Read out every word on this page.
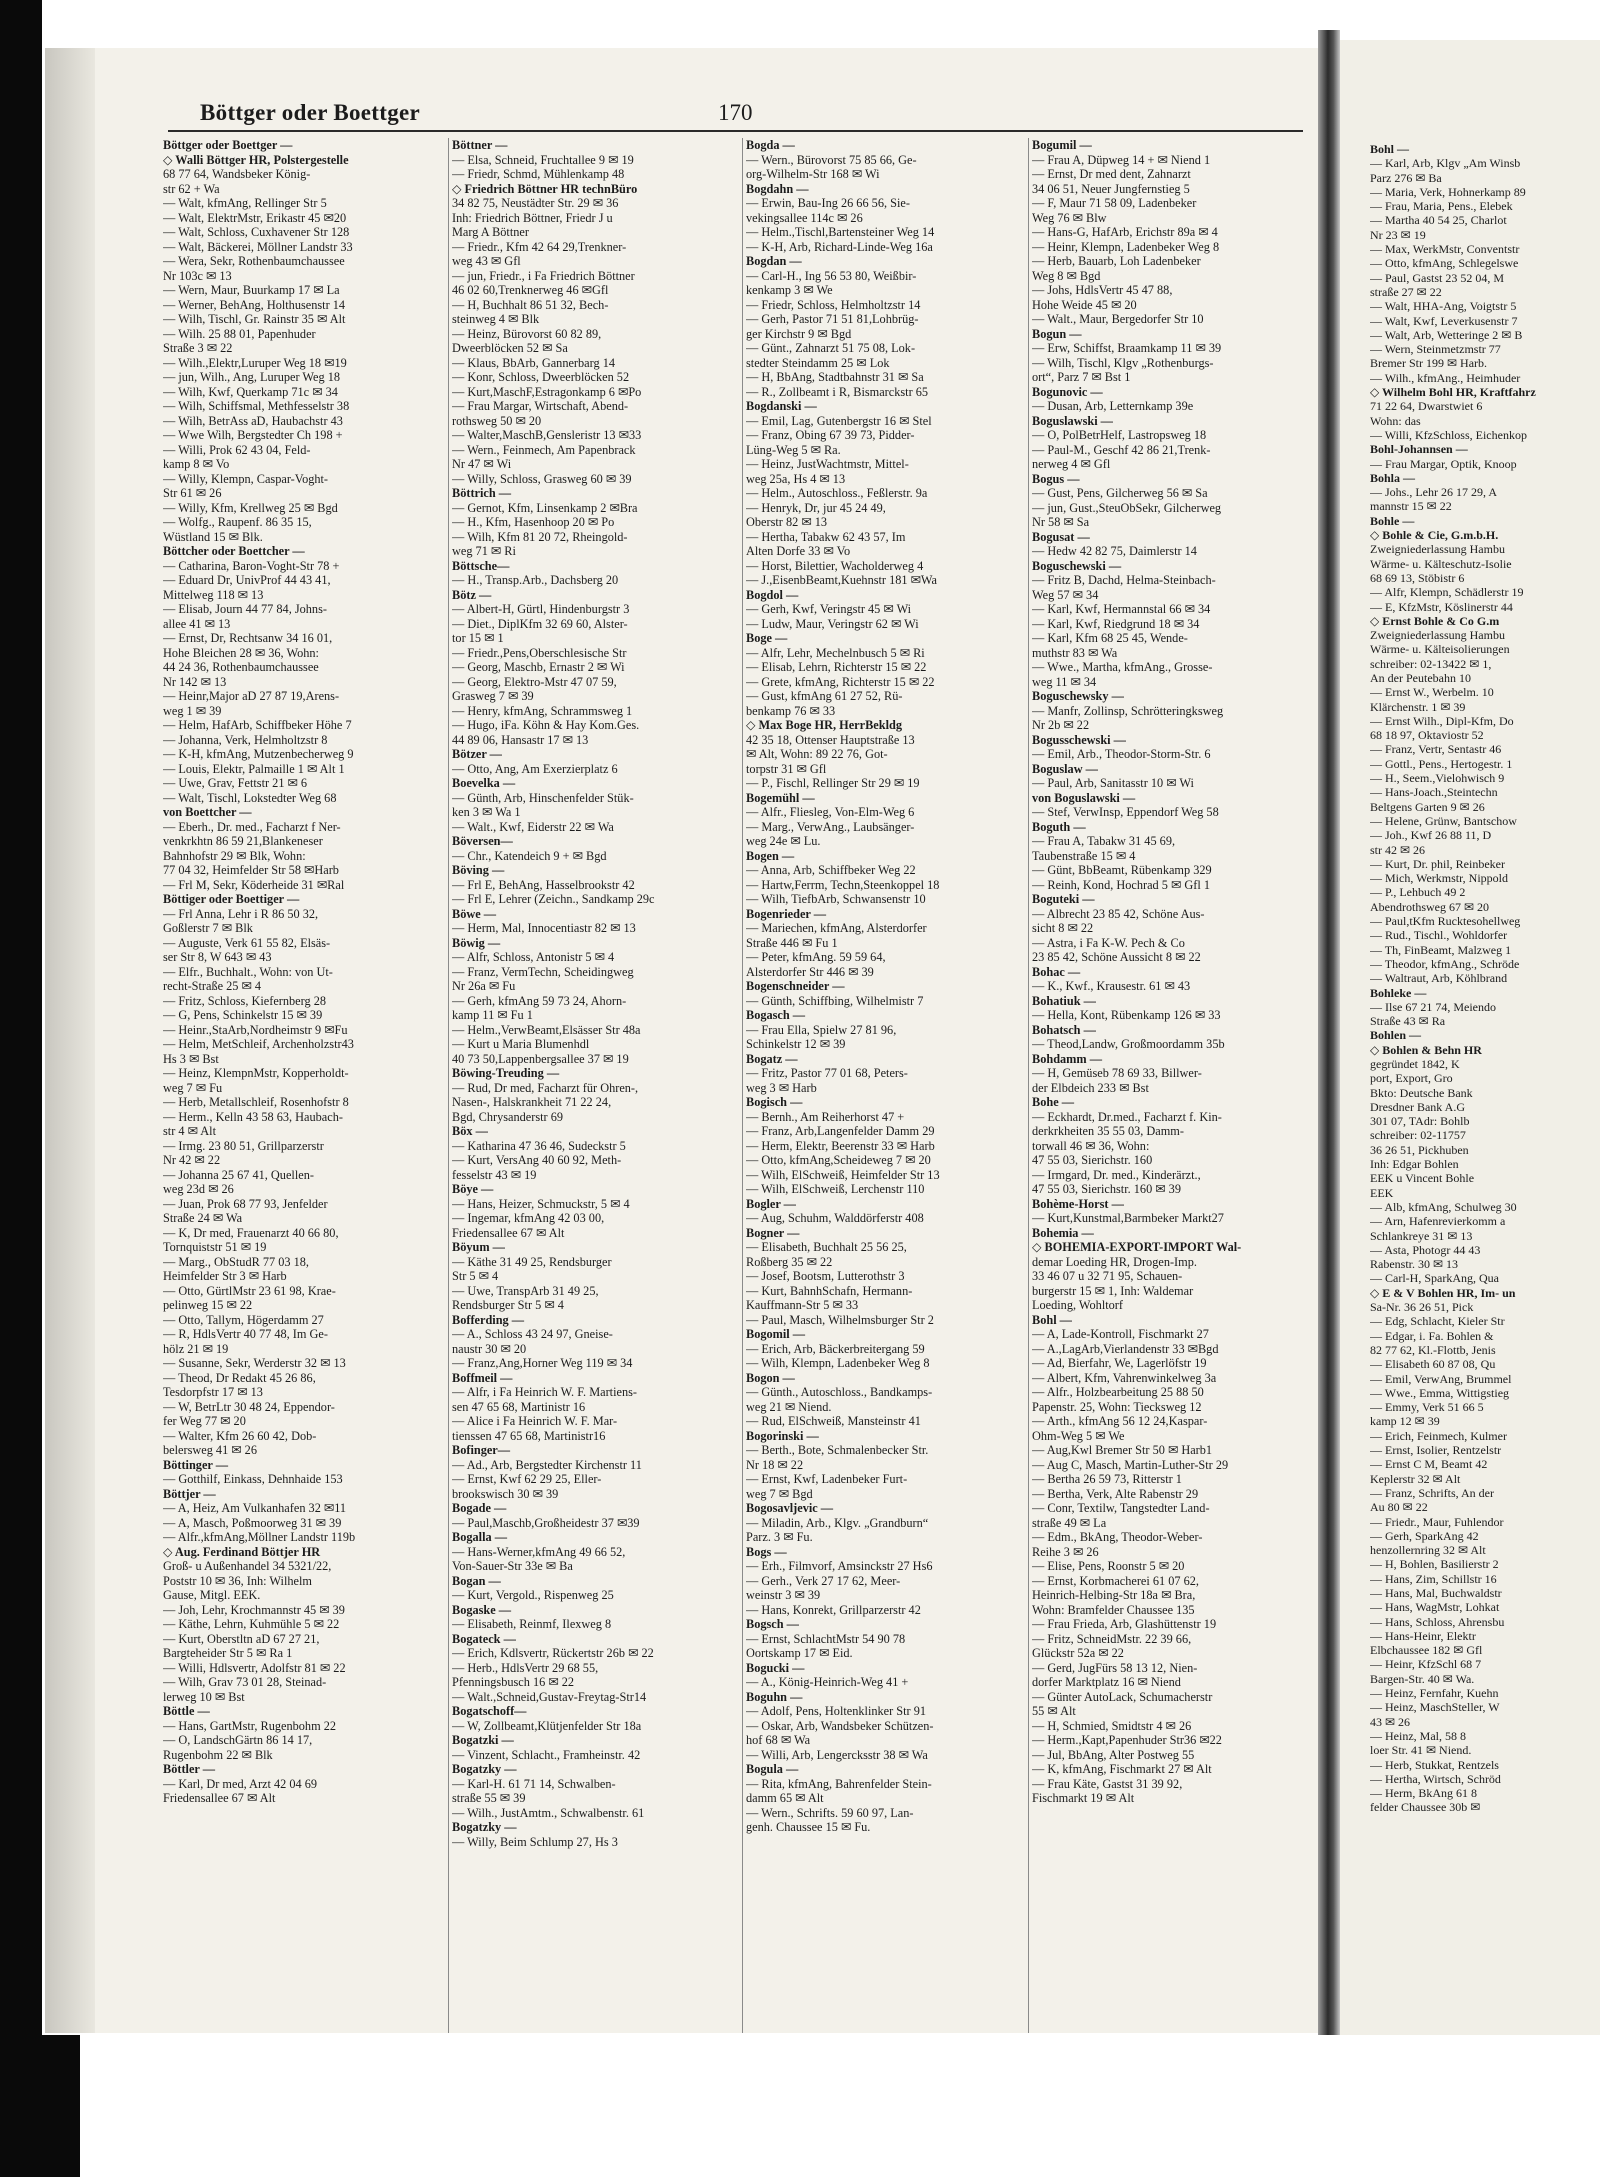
Böttger oder Boettger	170
Böttger oder Boettger —
◇ Walli Böttger HR, Polstergestelle
68 77 64, Wandsbeker König-
str 62 + Wa
— Walt, kfmAng, Rellinger Str 5
— Walt, ElektrMstr, Erikastr 45 ✉20
— Walt, Schloss, Cuxhavener Str 128
— Walt, Bäckerei, Möllner Landstr 33
— Wera, Sekr, Rothenbaumchaussee
Nr 103c ✉ 13
— Wern, Maur, Buurkamp 17 ✉ La
— Werner, BehAng, Holthusenstr 14
— Wilh, Tischl, Gr. Rainstr 35 ✉ Alt
— Wilh. 25 88 01, Papenhuder
Straße 3 ✉ 22
— Wilh.,Elektr,Luruper Weg 18 ✉19
— jun, Wilh., Ang, Luruper Weg 18
— Wilh, Kwf, Querkamp 71c ✉ 34
— Wilh, Schiffsmal, Methfesselstr 38
— Wilh, BetrAss aD, Haubachstr 43
— Wwe Wilh, Bergstedter Ch 198 +
— Willi, Prok 62 43 04, Feld-
kamp 8 ✉ Vo
— Willy, Klempn, Caspar-Voght-
Str 61 ✉ 26
— Willy, Kfm, Krellweg 25 ✉ Bgd
— Wolfg., Raupenf. 86 35 15,
Wüstland 15 ✉ Blk.
Böttcher oder Boettcher —
— Catharina, Baron-Voght-Str 78 +
— Eduard Dr, UnivProf 44 43 41,
Mittelweg 118 ✉ 13
— Elisab, Journ 44 77 84, Johns-
allee 41 ✉ 13
— Ernst, Dr, Rechtsanw 34 16 01,
Hohe Bleichen 28 ✉ 36, Wohn:
44 24 36, Rothenbaumchaussee
Nr 142 ✉ 13
— Heinr,Major aD 27 87 19,Arens-
weg 1 ✉ 39
— Helm, HafArb, Schiffbeker Höhe 7
— Johanna, Verk, Helmholtzstr 8
— K-H, kfmAng, Mutzenbecherweg 9
— Louis, Elektr, Palmaille 1 ✉ Alt 1
— Uwe, Grav, Fettstr 21 ✉ 6
— Walt, Tischl, Lokstedter Weg 68
von Boettcher —
— Eberh., Dr. med., Facharzt f Ner-
venkrkhtn 86 59 21,Blankeneser
Bahnhofstr 29 ✉ Blk, Wohn:
77 04 32, Heimfelder Str 58 ✉Harb
— Frl M, Sekr, Köderheide 31 ✉Ral
Böttiger oder Boettiger —
— Frl Anna, Lehr i R 86 50 32,
Goßlerstr 7 ✉ Blk
— Auguste, Verk 61 55 82, Elsäs-
ser Str 8, W 643 ✉ 43
— Elfr., Buchhalt., Wohn: von Ut-
recht-Straße 25 ✉ 4
— Fritz, Schloss, Kiefernberg 28
— G, Pens, Schinkelstr 15 ✉ 39
— Heinr.,StaArb,Nordheimstr 9 ✉Fu
— Helm, MetSchleif, Archenholzstr43
Hs 3 ✉ Bst
— Heinz, KlempnMstr, Kopperholdt-
weg 7 ✉ Fu
— Herb, Metallschleif, Rosenhofstr 8
— Herm., Kelln 43 58 63, Haubach-
str 4 ✉ Alt
— Irmg. 23 80 51, Grillparzerstr
Nr 42 ✉ 22
— Johanna 25 67 41, Quellen-
weg 23d ✉ 26
— Juan, Prok 68 77 93, Jenfelder
Straße 24 ✉ Wa
— K, Dr med, Frauenarzt 40 66 80,
Tornquiststr 51 ✉ 19
— Marg., ObStudR 77 03 18,
Heimfelder Str 3 ✉ Harb
— Otto, GürtlMstr 23 61 98, Krae-
pelinweg 15 ✉ 22
— Otto, Tallym, Högerdamm 27
— R, HdlsVertr 40 77 48, Im Ge-
hölz 21 ✉ 19
— Susanne, Sekr, Werderstr 32 ✉ 13
— Theod, Dr Redakt 45 26 86,
Tesdorpfstr 17 ✉ 13
— W, BetrLtr 30 48 24, Eppendor-
fer Weg 77 ✉ 20
— Walter, Kfm 26 60 42, Dob-
belersweg 41 ✉ 26
Böttinger —
— Gotthilf, Einkass, Dehnhaide 153
Böttjer —
— A, Heiz, Am Vulkanhafen 32 ✉11
— A, Masch, Poßmoorweg 31 ✉ 39
— Alfr.,kfmAng,Möllner Landstr 119b
◇ Aug. Ferdinand Böttjer HR
Groß- u Außenhandel 34 5321/22,
Poststr 10 ✉ 36, Inh: Wilhelm
Gause, Mitgl. EEK.
— Joh, Lehr, Krochmannstr 45 ✉ 39
— Käthe, Lehrn, Kuhmühle 5 ✉ 22
— Kurt, Oberstltn aD 67 27 21,
Bargteheider Str 5 ✉ Ra 1
— Willi, Hdlsvertr, Adolfstr 81 ✉ 22
— Wilh, Grav 73 01 28, Steinad-
lerweg 10 ✉ Bst
Böttle —
— Hans, GartMstr, Rugenbohm 22
— O, LandschGärtn 86 14 17,
Rugenbohm 22 ✉ Blk
Böttler —
— Karl, Dr med, Arzt 42 04 69
Friedensallee 67 ✉ Alt
Böttner —
— Elsa, Schneid, Fruchtallee 9 ✉ 19
— Friedr, Schmd, Mühlenkamp 48
◇ Friedrich Böttner HR technBüro
34 82 75, Neustädter Str. 29 ✉ 36
Inh: Friedrich Böttner, Friedr J u
Marg A Böttner
— Friedr., Kfm 42 64 29,Trenkner-
weg 43 ✉ Gfl
— jun, Friedr., i Fa Friedrich Böttner
46 02 60,Trenknerweg 46 ✉Gfl
— H, Buchhalt 86 51 32, Bech-
steinweg 4 ✉ Blk
— Heinz, Bürovorst 60 82 89,
Dweerblöcken 52 ✉ Sa
— Klaus, BbArb, Gannerbarg 14
— Konr, Schloss, Dweerblöcken 52
— Kurt,MaschF,Estragonkamp 6 ✉Po
— Frau Margar, Wirtschaft, Abend-
rothsweg 50 ✉ 20
— Walter,MaschB,Gensleristr 13 ✉33
— Wern., Feinmech, Am Papenbrack
Nr 47 ✉ Wi
— Willy, Schloss, Grasweg 60 ✉ 39
Böttrich —
— Gernot, Kfm, Linsenkamp 2 ✉Bra
— H., Kfm, Hasenhoop 20 ✉ Po
— Wilh, Kfm 81 20 72, Rheingold-
weg 71 ✉ Ri
Böttsche—
— H., Transp.Arb., Dachsberg 20
Bötz —
— Albert-H, Gürtl, Hindenburgstr 3
— Diet., DiplKfm 32 69 60, Alster-
tor 15 ✉ 1
— Friedr.,Pens,Oberschlesische Str
— Georg, Maschb, Ernastr 2 ✉ Wi
— Georg, Elektro-Mstr 47 07 59,
Grasweg 7 ✉ 39
— Henry, kfmAng, Schrammsweg 1
— Hugo, iFa. Köhn & Hay Kom.Ges.
44 89 06, Hansastr 17 ✉ 13
Bötzer —
— Otto, Ang, Am Exerzierplatz 6
Boevelka —
— Günth, Arb, Hinschenfelder Stük-
ken 3 ✉ Wa 1
— Walt., Kwf, Eiderstr 22 ✉ Wa
Böversen—
— Chr., Katendeich 9 + ✉ Bgd
Böving —
— Frl E, BehAng, Hasselbrookstr 42
— Frl E, Lehrer (Zeichn., Sandkamp 29c
Böwe —
— Herm, Mal, Innocentiastr 82 ✉ 13
Böwig —
— Alfr, Schloss, Antonistr 5 ✉ 4
— Franz, VermTechn, Scheidingweg
Nr 26a ✉ Fu
— Gerh, kfmAng 59 73 24, Ahorn-
kamp 11 ✉ Fu 1
— Helm.,VerwBeamt,Elsässer Str 48a
— Kurt u Maria Blumenhdl
40 73 50,Lappenbergsallee 37 ✉ 19
Böwing-Treuding —
— Rud, Dr med, Facharzt für Ohren-,
Nasen-, Halskrankheit 71 22 24,
Bgd, Chrysanderstr 69
Böx —
— Katharina 47 36 46, Sudeckstr 5
— Kurt, VersAng 40 60 92, Meth-
fesselstr 43 ✉ 19
Böye —
— Hans, Heizer, Schmuckstr, 5 ✉ 4
— Ingemar, kfmAng 42 03 00,
Friedensallee 67 ✉ Alt
Böyum —
— Käthe 31 49 25, Rendsburger
Str 5 ✉ 4
— Uwe, TranspArb 31 49 25,
Rendsburger Str 5 ✉ 4
Bofferding —
— A., Schloss 43 24 97, Gneise-
naustr 30 ✉ 20
— Franz,Ang,Horner Weg 119 ✉ 34
Boffmeil —
— Alfr, i Fa Heinrich W. F. Martiens-
sen 47 65 68, Martinistr 16
— Alice i Fa Heinrich W. F. Mar-
tienssen 47 65 68, Martinistr16
Bofinger—
— Ad., Arb, Bergstedter Kirchenstr 11
— Ernst, Kwf 62 29 25, Eller-
brookswisch 30 ✉ 39
Bogade —
— Paul,Maschb,Großheidestr 37 ✉39
Bogalla —
— Hans-Werner,kfmAng 49 66 52,
Von-Sauer-Str 33e ✉ Ba
Bogan —
— Kurt, Vergold., Rispenweg 25
Bogaske —
— Elisabeth, Reinmf, Ilexweg 8
Bogateck —
— Erich, Kdlsvertr, Rückertstr 26b ✉ 22
— Herb., HdlsVertr 29 68 55,
Pfenningsbusch 16 ✉ 22
— Walt.,Schneid,Gustav-Freytag-Str14
Bogatschoff—
— W, Zollbeamt,Klütjenfelder Str 18a
Bogatzki —
— Vinzent, Schlacht., Framheinstr. 42
Bogatzky —
— Karl-H. 61 71 14, Schwalben-
straße 55 ✉ 39
— Wilh., JustAmtm., Schwalbenstr. 61
Bogatzky —
— Willy, Beim Schlump 27, Hs 3
Bogda —
— Wern., Bürovorst 75 85 66, Ge-
org-Wilhelm-Str 168 ✉ Wi
Bogdahn —
— Erwin, Bau-Ing 26 66 56, Sie-
vekingsallee 114c ✉ 26
— Helm.,Tischl,Bartensteiner Weg 14
— K-H, Arb, Richard-Linde-Weg 16a
Bogdan —
— Carl-H., Ing 56 53 80, Weißbir-
kenkamp 3 ✉ We
— Friedr, Schloss, Helmholtzstr 14
— Gerh, Pastor 71 51 81,Lohbrüg-
ger Kirchstr 9 ✉ Bgd
— Günt., Zahnarzt 51 75 08, Lok-
stedter Steindamm 25 ✉ Lok
— H, BbAng, Stadtbahnstr 31 ✉ Sa
— R., Zollbeamt i R, Bismarckstr 65
Bogdanski —
— Emil, Lag, Gutenbergstr 16 ✉ Stel
— Franz, Obing 67 39 73, Pidder-
Lüng-Weg 5 ✉ Ra.
— Heinz, JustWachtmstr, Mittel-
weg 25a, Hs 4 ✉ 13
— Helm., Autoschloss., Feßlerstr. 9a
— Henryk, Dr, jur 45 24 49,
Oberstr 82 ✉ 13
— Hertha, Tabakw 62 43 57, Im
Alten Dorfe 33 ✉ Vo
— Horst, Bilettier, Wacholderweg 4
— J.,EisenbBeamt,Kuehnstr 181 ✉Wa
Bogdol —
— Gerh, Kwf, Veringstr 45 ✉ Wi
— Ludw, Maur, Veringstr 62 ✉ Wi
Boge —
— Alfr, Lehr, Mechelnbusch 5 ✉ Ri
— Elisab, Lehrn, Richterstr 15 ✉ 22
— Grete, kfmAng, Richterstr 15 ✉ 22
— Gust, kfmAng 61 27 52, Rü-
benkamp 76 ✉ 33
◇ Max Boge HR, HerrBekldg
42 35 18, Ottenser Hauptstraße 13
✉ Alt, Wohn: 89 22 76, Got-
torpstr 31 ✉ Gfl
— P., Fischl, Rellinger Str 29 ✉ 19
Bogemühl —
— Alfr., Fliesleg, Von-Elm-Weg 6
— Marg., VerwAng., Laubsänger-
weg 24e ✉ Lu.
Bogen —
— Anna, Arb, Schiffbeker Weg 22
— Hartw,Ferrm, Techn,Steenkoppel 18
— Wilh, TiefbArb, Schwansenstr 10
Bogenrieder —
— Mariechen, kfmAng, Alsterdorfer
Straße 446 ✉ Fu 1
— Peter, kfmAng. 59 59 64,
Alsterdorfer Str 446 ✉ 39
Bogenschneider —
— Günth, Schiffbing, Wilhelmistr 7
Bogasch —
— Frau Ella, Spielw 27 81 96,
Schinkelstr 12 ✉ 39
Bogatz —
— Fritz, Pastor 77 01 68, Peters-
weg 3 ✉ Harb
Bogisch —
— Bernh., Am Reiherhorst 47 +
— Franz, Arb,Langenfelder Damm 29
— Herm, Elektr, Beerenstr 33 ✉ Harb
— Otto, kfmAng,Scheideweg 7 ✉ 20
— Wilh, ElSchweiß, Heimfelder Str 13
— Wilh, ElSchweiß, Lerchenstr 110
Bogler —
— Aug, Schuhm, Walddörferstr 408
Bogner —
— Elisabeth, Buchhalt 25 56 25,
Roßberg 35 ✉ 22
— Josef, Bootsm, Lutterothstr 3
— Kurt, BahnhSchafn, Hermann-
Kauffmann-Str 5 ✉ 33
— Paul, Masch, Wilhelmsburger Str 2
Bogomil —
— Erich, Arb, Bäckerbreitergang 59
— Wilh, Klempn, Ladenbeker Weg 8
Bogon —
— Günth., Autoschloss., Bandkamps-
weg 21 ✉ Niend.
— Rud, ElSchweiß, Mansteinstr 41
Bogorinski —
— Berth., Bote, Schmalenbecker Str.
Nr 18 ✉ 22
— Ernst, Kwf, Ladenbeker Furt-
weg 7 ✉ Bgd
Bogosavljevic —
— Miladin, Arb., Klgv. „Grandburn“
Parz. 3 ✉ Fu.
Bogs —
— Erh., Filmvorf, Amsinckstr 27 Hs6
— Gerh., Verk 27 17 62, Meer-
weinstr 3 ✉ 39
— Hans, Konrekt, Grillparzerstr 42
Bogsch —
— Ernst, SchlachtMstr 54 90 78
Oortskamp 17 ✉ Eid.
Bogucki —
— A., König-Heinrich-Weg 41 +
Boguhn —
— Adolf, Pens, Holtenklinker Str 91
— Oskar, Arb, Wandsbeker Schützen-
hof 68 ✉ Wa
— Willi, Arb, Lengercksstr 38 ✉ Wa
Bogula —
— Rita, kfmAng, Bahrenfelder Stein-
damm 65 ✉ Alt
— Wern., Schrifts. 59 60 97, Lan-
genh. Chaussee 15 ✉ Fu.
Bogumil —
— Frau A, Düpweg 14 + ✉ Niend 1
— Ernst, Dr med dent, Zahnarzt
34 06 51, Neuer Jungfernstieg 5
— F, Maur 71 58 09, Ladenbeker
Weg 76 ✉ Blw
— Hans-G, HafArb, Erichstr 89a ✉ 4
— Heinr, Klempn, Ladenbeker Weg 8
— Herb, Bauarb, Loh Ladenbeker
Weg 8 ✉ Bgd
— Johs, HdlsVertr 45 47 88,
Hohe Weide 45 ✉ 20
— Walt., Maur, Bergedorfer Str 10
Bogun —
— Erw, Schiffst, Braamkamp 11 ✉ 39
— Wilh, Tischl, Klgv „Rothenburgs-
ort“, Parz 7 ✉ Bst 1
Bogunovic —
— Dusan, Arb, Letternkamp 39e
Boguslawski —
— O, PolBetrHelf, Lastropsweg 18
— Paul-M., Geschf 42 86 21,Trenk-
nerweg 4 ✉ Gfl
Bogus —
— Gust, Pens, Gilcherweg 56 ✉ Sa
— jun, Gust.,SteuObSekr, Gilcherweg
Nr 58 ✉ Sa
Bogusat —
— Hedw 42 82 75, Daimlerstr 14
Boguschewski —
— Fritz B, Dachd, Helma-Steinbach-
Weg 57 ✉ 34
— Karl, Kwf, Hermannstal 66 ✉ 34
— Karl, Kwf, Riedgrund 18 ✉ 34
— Karl, Kfm 68 25 45, Wende-
muthstr 83 ✉ Wa
— Wwe., Martha, kfmAng., Grosse-
weg 11 ✉ 34
Boguschewsky —
— Manfr, Zollinsp, Schrötteringksweg
Nr 2b ✉ 22
Bogusschewski —
— Emil, Arb., Theodor-Storm-Str. 6
Boguslaw —
— Paul, Arb, Sanitasstr 10 ✉ Wi
von Boguslawski —
— Stef, VerwInsp, Eppendorf Weg 58
Boguth —
— Frau A, Tabakw 31 45 69,
Taubenstraße 15 ✉ 4
— Günt, BbBeamt, Rübenkamp 329
— Reinh, Kond, Hochrad 5 ✉ Gfl 1
Boguteki —
— Albrecht 23 85 42, Schöne Aus-
sicht 8 ✉ 22
— Astra, i Fa K-W. Pech & Co
23 85 42, Schöne Aussicht 8 ✉ 22
Bohac —
— K., Kwf., Krausestr. 61 ✉ 43
Bohatiuk —
— Hella, Kont, Rübenkamp 126 ✉ 33
Bohatsch —
— Theod,Landw, Großmoordamm 35b
Bohdamm —
— H, Gemüseb 78 69 33, Billwer-
der Elbdeich 233 ✉ Bst
Bohe —
— Eckhardt, Dr.med., Facharzt f. Kin-
derkrkheiten 35 55 03, Damm-
torwall 46 ✉ 36, Wohn:
47 55 03, Sierichstr. 160
— Irmgard, Dr. med., Kinderärzt.,
47 55 03, Sierichstr. 160 ✉ 39
Bohème-Horst —
— Kurt,Kunstmal,Barmbeker Markt27
Bohemia —
◇ BOHEMIA-EXPORT-IMPORT Wal-
demar Loeding HR, Drogen-Imp.
33 46 07 u 32 71 95, Schauen-
burgerstr 15 ✉ 1, Inh: Waldemar
Loeding, Wohltorf
Bohl —
— A, Lade-Kontroll, Fischmarkt 27
— A.,LagArb,Vierlandenstr 33 ✉Bgd
— Ad, Bierfahr, We, Lagerlöfstr 19
— Albert, Kfm, Vahrenwinkelweg 3a
— Alfr., Holzbearbeitung 25 88 50
Papenstr. 25, Wohn: Tiecksweg 12
— Arth., kfmAng 56 12 24,Kaspar-
Ohm-Weg 5 ✉ We
— Aug,Kwl Bremer Str 50 ✉ Harb1
— Aug C, Masch, Martin-Luther-Str 29
— Bertha 26 59 73, Ritterstr 1
— Bertha, Verk, Alte Rabenstr 29
— Conr, Textilw, Tangstedter Land-
straße 49 ✉ La
— Edm., BkAng, Theodor-Weber-
Reihe 3 ✉ 26
— Elise, Pens, Roonstr 5 ✉ 20
— Ernst, Korbmacherei 61 07 62,
Heinrich-Helbing-Str 18a ✉ Bra,
Wohn: Bramfelder Chaussee 135
— Frau Frieda, Arb, Glashüttenstr 19
— Fritz, SchneidMstr. 22 39 66,
Glückstr 52a ✉ 22
— Gerd, JugFürs 58 13 12, Nien-
dorfer Marktplatz 16 ✉ Niend
— Günter AutoLack, Schumacherstr
55 ✉ Alt
— H, Schmied, Smidtstr 4 ✉ 26
— Herm.,Kapt,Papenhuder Str36 ✉22
— Jul, BbAng, Alter Postweg 55
— K, kfmAng, Fischmarkt 27 ✉ Alt
— Frau Käte, Gastst 31 39 92,
Fischmarkt 19 ✉ Alt
Bohl —
— Karl, Arb, Klgv „Am Winsb
Parz 276 ✉ Ba
— Maria, Verk, Hohnerkamp 89
— Frau, Maria, Pens., Elebek
— Martha 40 54 25, Charlot
Nr 23 ✉ 19
— Max, WerkMstr, Conventstr
— Otto, kfmAng, Schlegelswe
— Paul, Gastst 23 52 04, M
straße 27 ✉ 22
— Walt, HHA-Ang, Voigtstr 5
— Walt, Kwf, Leverkusenstr 7
— Walt, Arb, Wetteringe 2 ✉ B
— Wern, Steinmetzmstr 77
Bremer Str 199 ✉ Harb.
— Wilh., kfmAng., Heimhuder
◇ Wilhelm Bohl HR, Kraftfahrz
71 22 64, Dwarstwiet 6
Wohn: das
— Willi, KfzSchloss, Eichenkop
Bohl-Johannsen —
— Frau Margar, Optik, Knoop
Bohla —
— Johs., Lehr 26 17 29, A
mannstr 15 ✉ 22
Bohle —
◇ Bohle & Cie, G.m.b.H.
Zweigniederlassung Hambu
Wärme- u. Kälteschutz-Isolie
68 69 13, Stöbistr 6
— Alfr, Klempn, Schädlerstr 19
— E, KfzMstr, Köslinerstr 44
◇ Ernst Bohle & Co G.m
Zweigniederlassung Hambu
Wärme- u. Kälteisolierungen
schreiber: 02-13422 ✉ 1,
An der Peutebahn 10
— Ernst W., Werbelm. 10
Klärchenstr. 1 ✉ 39
— Ernst Wilh., Dipl-Kfm, Do
68 18 97, Oktaviostr 52
— Franz, Vertr, Sentastr 46
— Gottl., Pens., Hertogestr. 1
— H., Seem.,Vielohwisch 9
— Hans-Joach.,Steintechn
Beltgens Garten 9 ✉ 26
— Helene, Grünw, Bantschow
— Joh., Kwf 26 88 11, D
str 42 ✉ 26
— Kurt, Dr. phil, Reinbeker
— Mich, Werkmstr, Nippold
— P., Lehbuch 49 2
Abendrothsweg 67 ✉ 20
— Paul,tKfm Rucktesohellweg
— Rud., Tischl., Wohldorfer
— Th, FinBeamt, Malzweg 1
— Theodor, kfmAng., Schröde
— Waltraut, Arb, Köhlbrand
Bohleke —
— Ilse 67 21 74, Meiendo
Straße 43 ✉ Ra
Bohlen —
◇ Bohlen & Behn HR
gegründet 1842, K
port, Export, Gro
Bkto: Deutsche Bank
Dresdner Bank A.G
301 07, TAdr: Bohlb
schreiber: 02-11757
36 26 51, Pickhuben
Inh: Edgar Bohlen
EEK u Vincent Bohle
EEK
— Alb, kfmAng, Schulweg 30
— Arn, Hafenrevierkomm a
Schlankreye 31 ✉ 13
— Asta, Photogr 44 43
Rabenstr. 30 ✉ 13
— Carl-H, SparkAng, Qua
◇ E & V Bohlen HR, Im- un
Sa-Nr. 36 26 51, Pick
— Edg, Schlacht, Kieler Str
— Edgar, i. Fa. Bohlen &
82 77 62, Kl.-Flottb, Jenis
— Elisabeth 60 87 08, Qu
— Emil, VerwAng, Brummel
— Wwe., Emma, Wittigstieg
— Emmy, Verk 51 66 5
kamp 12 ✉ 39
— Erich, Feinmech, Kulmer
— Ernst, Isolier, Rentzelstr
— Ernst C M, Beamt 42
Keplerstr 32 ✉ Alt
— Franz, Schrifts, An der
Au 80 ✉ 22
— Friedr., Maur, Fuhlendor
— Gerh, SparkAng 42
henzollernring 32 ✉ Alt
— H, Bohlen, Basilierstr 2
— Hans, Zim, Schillstr 16
— Hans, Mal, Buchwaldstr
— Hans, WagMstr, Lohkat
— Hans, Schloss, Ahrensbu
— Hans-Heinr, Elektr
Elbchaussee 182 ✉ Gfl
— Heinr, KfzSchl 68 7
Bargen-Str. 40 ✉ Wa.
— Heinz, Fernfahr, Kuehn
— Heinz, MaschSteller, W
43 ✉ 26
— Heinz, Mal, 58 8
loer Str. 41 ✉ Niend.
— Herb, Stukkat, Rentzels
— Hertha, Wirtsch, Schröd
— Herm, BkAng 61 8
felder Chaussee 30b ✉
